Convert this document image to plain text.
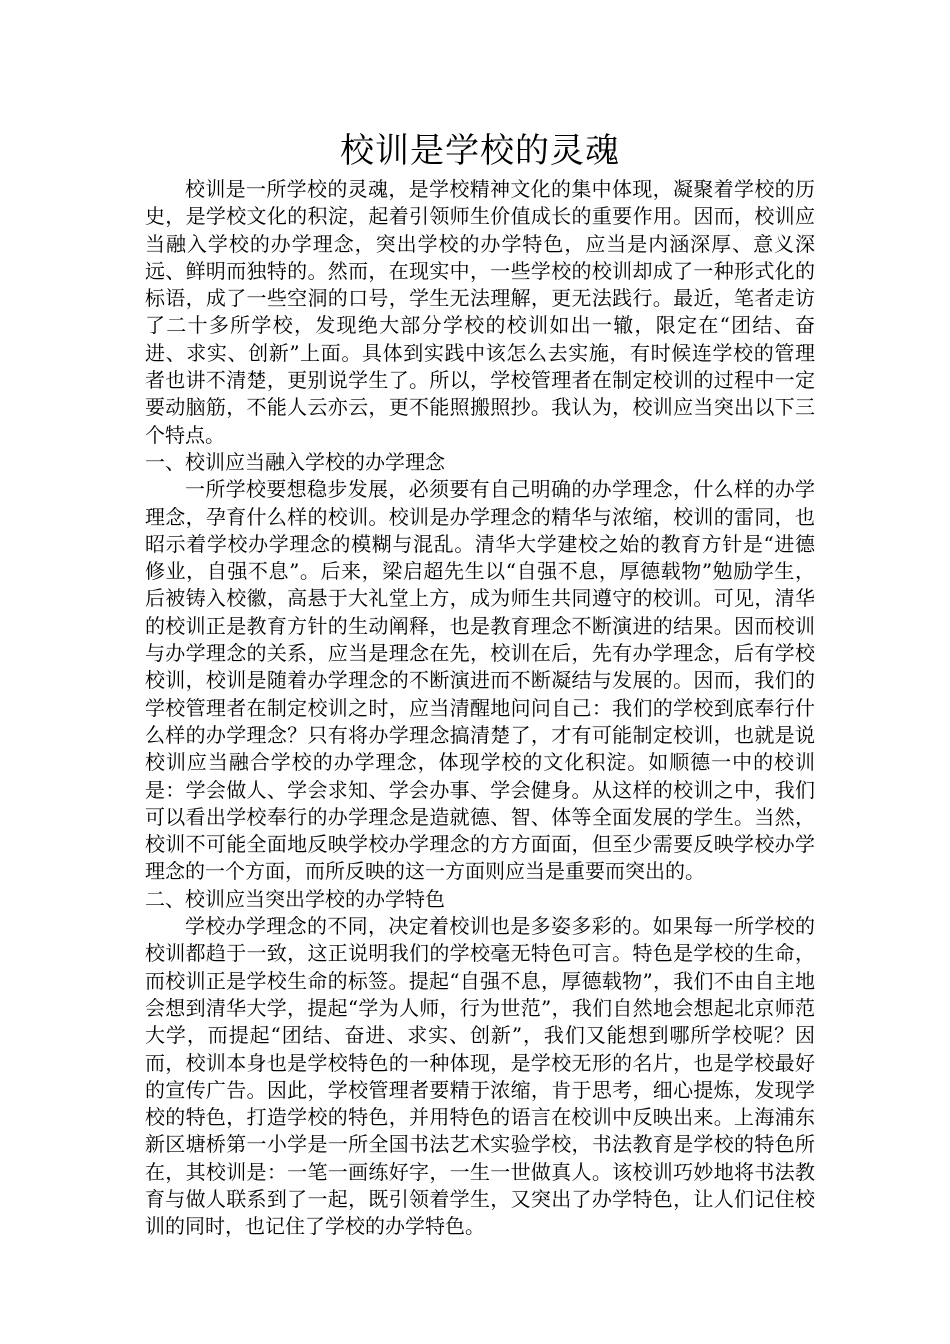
校训是学校的灵魂

校训是一所学校的灵魂，是学校精神文化的集中体现，凝聚着学校的历史，是学校文化的积淀，起着引领师生价值成长的重要作用。因而，校训应当融入学校的办学理念，突出学校的办学特色，应当是内涵深厚、意义深远、鲜明而独特的。然而，在现实中，一些学校的校训却成了一种形式化的标语，成了一些空洞的口号，学生无法理解，更无法践行。最近，笔者走访了二十多所学校，发现绝大部分学校的校训如出一辙，限定在“团结、奋进、求实、创新”上面。具体到实践中该怎么去实施，有时候连学校的管理者也讲不清楚，更别说学生了。所以，学校管理者在制定校训的过程中一定要动脑筋，不能人云亦云，更不能照搬照抄。我认为，校训应当突出以下三个特点。

一、校训应当融入学校的办学理念

一所学校要想稳步发展，必须要有自己明确的办学理念，什么样的办学理念，孕育什么样的校训。校训是办学理念的精华与浓缩，校训的雷同，也昭示着学校办学理念的模糊与混乱。清华大学建校之始的教育方针是“进德修业，自强不息”。后来，梁启超先生以“自强不息，厚德载物”勉励学生，后被铸入校徽，高悬于大礼堂上方，成为师生共同遵守的校训。可见，清华的校训正是教育方针的生动阐释，也是教育理念不断演进的结果。因而校训与办学理念的关系，应当是理念在先，校训在后，先有办学理念，后有学校校训，校训是随着办学理念的不断演进而不断凝结与发展的。因而，我们的学校管理者在制定校训之时，应当清醒地问问自己：我们的学校到底奉行什么样的办学理念？只有将办学理念搞清楚了，才有可能制定校训，也就是说校训应当融合学校的办学理念，体现学校的文化积淀。如顺德一中的校训是：学会做人、学会求知、学会办事、学会健身。从这样的校训之中，我们可以看出学校奉行的办学理念是造就德、智、体等全面发展的学生。当然，校训不可能全面地反映学校办学理念的方方面面，但至少需要反映学校办学理念的一个方面，而所反映的这一方面则应当是重要而突出的。

二、校训应当突出学校的办学特色

学校办学理念的不同，决定着校训也是多姿多彩的。如果每一所学校的校训都趋于一致，这正说明我们的学校毫无特色可言。特色是学校的生命，而校训正是学校生命的标签。提起“自强不息，厚德载物”，我们不由自主地会想到清华大学，提起“学为人师，行为世范”，我们自然地会想起北京师范大学，而提起“团结、奋进、求实、创新”，我们又能想到哪所学校呢？因而，校训本身也是学校特色的一种体现，是学校无形的名片，也是学校最好的宣传广告。因此，学校管理者要精于浓缩，肯于思考，细心提炼，发现学校的特色，打造学校的特色，并用特色的语言在校训中反映出来。上海浦东新区塘桥第一小学是一所全国书法艺术实验学校，书法教育是学校的特色所在，其校训是：一笔一画练好字，一生一世做真人。该校训巧妙地将书法教育与做人联系到了一起，既引领着学生，又突出了办学特色，让人们记住校训的同时，也记住了学校的办学特色。
